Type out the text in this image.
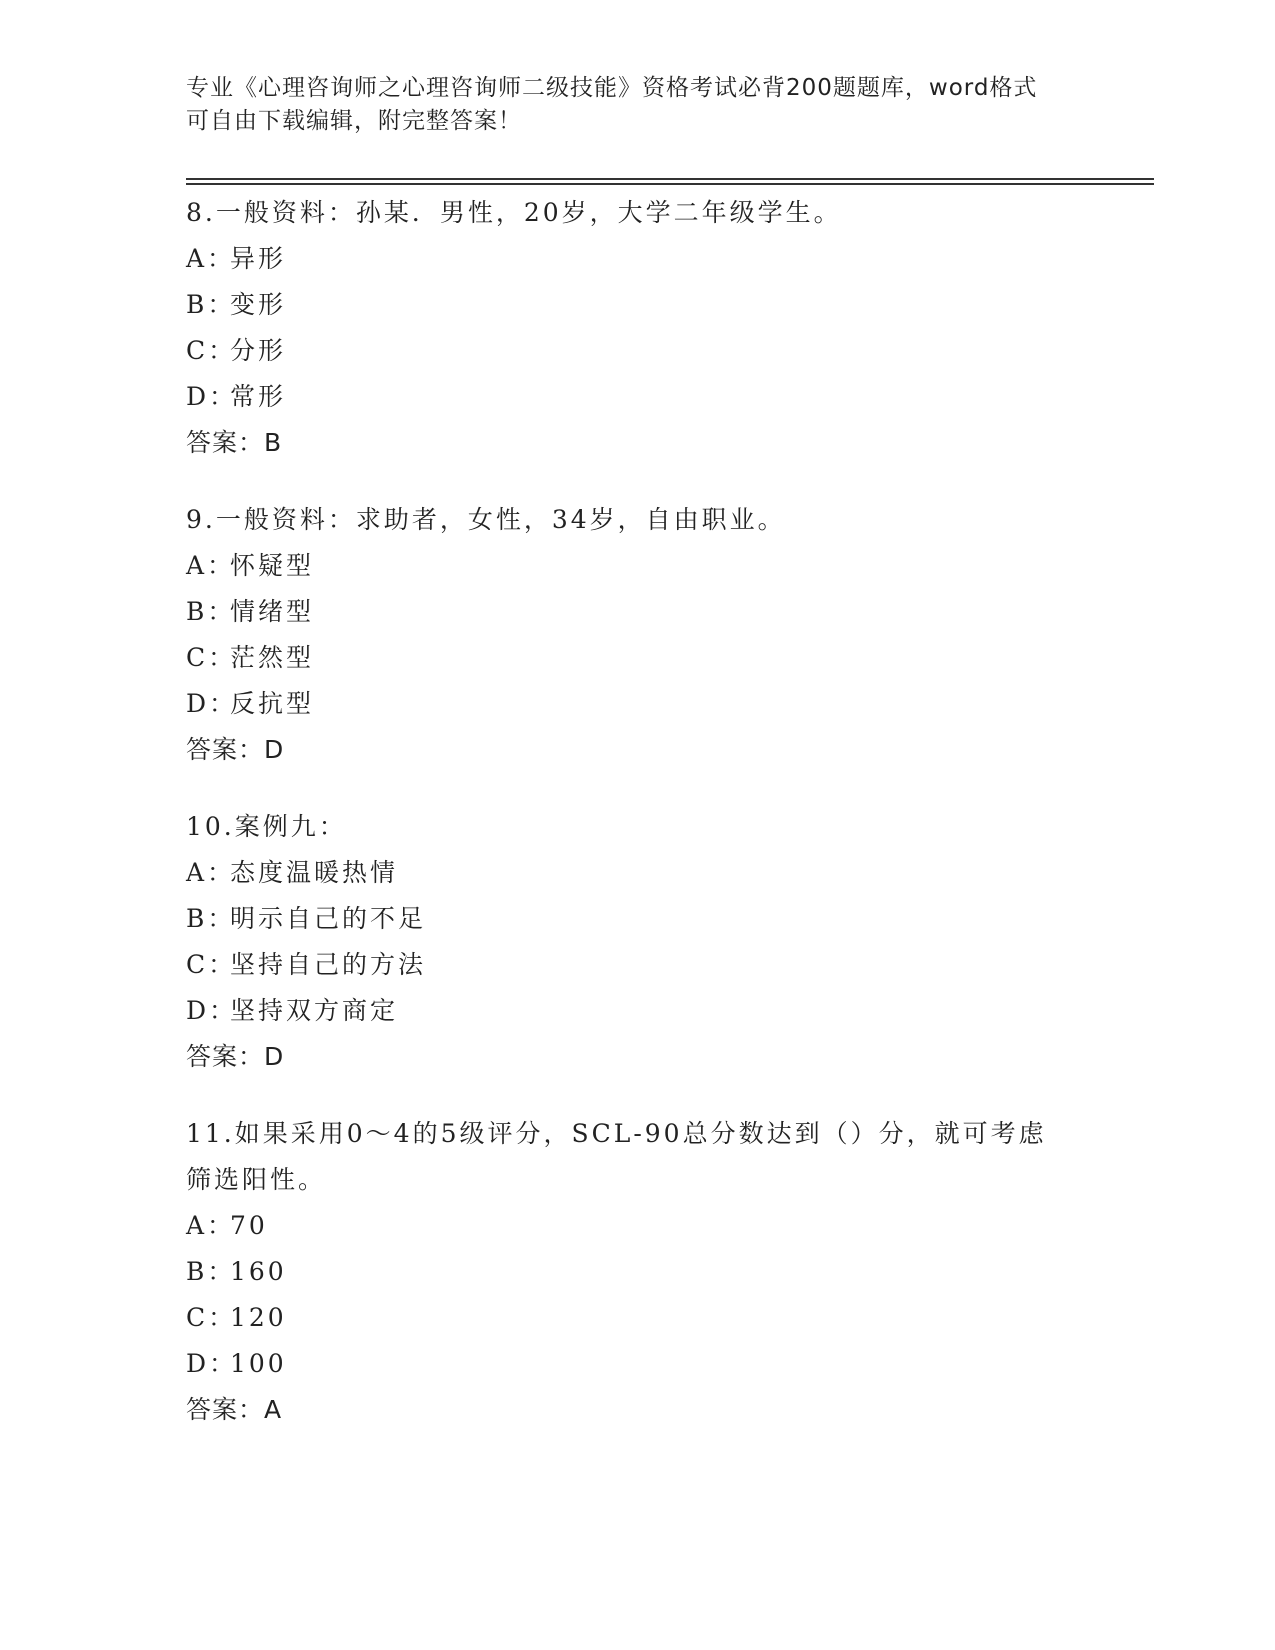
专业《心理咨询师之心理咨询师二级技能》资格考试必背200题题库，word格式
可自由下载编辑，附完整答案！
8.一般资料：孙某．男性，20岁，大学二年级学生。
A：异形
B：变形
C：分形
D：常形
答案：B
9.一般资料：求助者，女性，34岁，自由职业。
A：怀疑型
B：情绪型
C：茫然型
D：反抗型
答案：D
10.案例九：
A：态度温暖热情
B：明示自己的不足
C：坚持自己的方法
D：坚持双方商定
答案：D
11.如果采用0～4的5级评分，SCL-90总分数达到（）分，就可考虑筛选阳性。
A：70
B：160
C：120
D：100
答案：A
